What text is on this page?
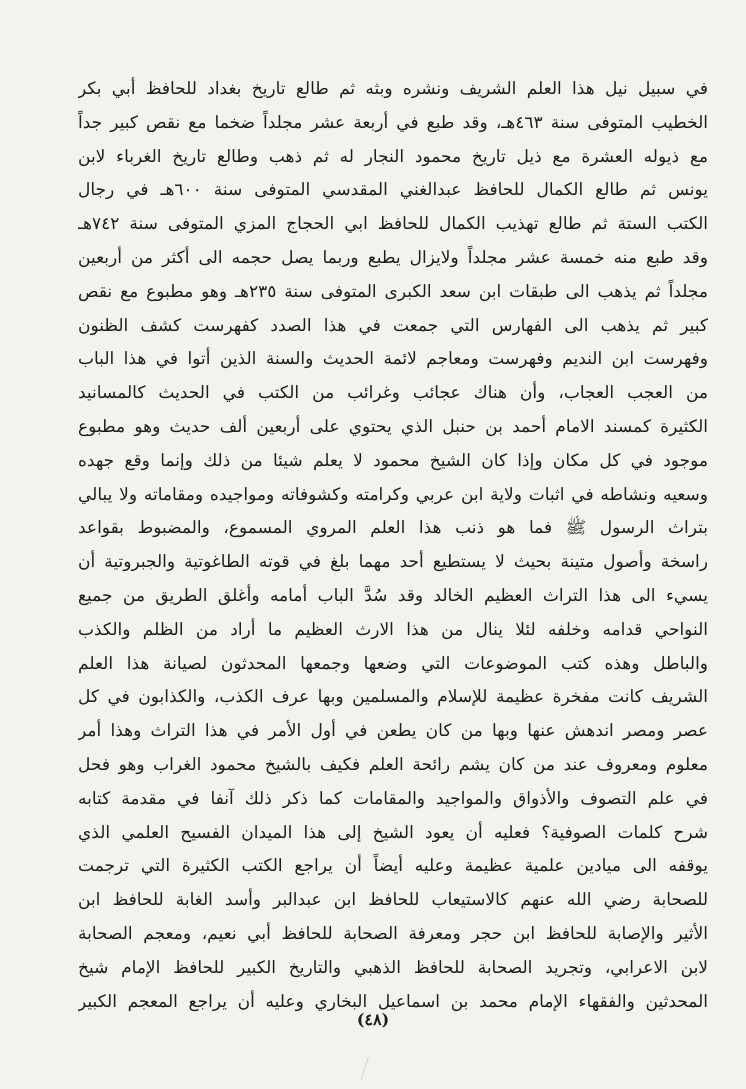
في سبيل نيل هذا العلم الشريف ونشره وبثه ثم طالع تاريخ بغداد للحافظ أبي بكر
الخطيب المتوفى سنة ٤٦٣هـ، وقد طبع في أربعة عشر مجلداً ضخما مع نقص كبير جداً
مع ذيوله العشرة مع ذيل تاريخ محمود النجار له ثم ذهب وطالع تاريخ الغرباء لابن
يونس ثم طالع الكمال للحافظ عبدالغني المقدسي المتوفى سنة ٦٠٠هـ في رجال
الكتب الستة ثم طالع تهذيب الكمال للحافظ ابي الحجاج المزي المتوفى سنة ٧٤٢هـ
وقد طبع منه خمسة عشر مجلداً ولايزال يطبع وربما يصل حجمه الى أكثر من أربعين
مجلداً ثم يذهب الى طبقات ابن سعد الكبرى المتوفى سنة ٢٣٥هـ وهو مطبوع مع نقص
كبير ثم يذهب الى الفهارس التي جمعت في هذا الصدد كفهرست كشف الظنون
وفهرست ابن النديم وفهرست ومعاجم لائمة الحديث والسنة الذين أتوا في هذا الباب
من العجب العجاب، وأن هناك عجائب وغرائب من الكتب في الحديث كالمسانيد
الكثيرة كمسند الامام أحمد بن حنبل الذي يحتوي على أربعين ألف حديث وهو مطبوع
موجود في كل مكان وإذا كان الشيخ محمود لا يعلم شيئا من ذلك وإنما وقع جهده
وسعيه ونشاطه في اثبات ولاية ابن عربي وكرامته وكشوفاته ومواجيده ومقاماته ولا يبالي
بتراث الرسول ﷺ فما هو ذنب هذا العلم المروي المسموع، والمضبوط بقواعد
راسخة وأصول متينة بحيث لا يستطيع أحد مهما بلغ في قوته الطاغوتية والجبروتية أن
يسيء الى هذا التراث العظيم الخالد وقد سُدَّ الباب أمامه وأغلق الطريق من جميع
النواحي قدامه وخلفه لئلا ينال من هذا الارث العظيم ما أراد من الظلم والكذب
والباطل وهذه كتب الموضوعات التي وضعها وجمعها المحدثون لصيانة هذا العلم
الشريف كانت مفخرة عظيمة للإسلام والمسلمين وبها عرف الكذب، والكذابون في كل
عصر ومصر اندهش عنها وبها من كان يطعن في أول الأمر في هذا التراث وهذا أمر
معلوم ومعروف عند من كان يشم رائحة العلم فكيف بالشيخ محمود الغراب وهو فحل
في علم التصوف والأذواق والمواجيد والمقامات كما ذكر ذلك آنفا في مقدمة كتابه
شرح كلمات الصوفية؟ فعليه أن يعود الشيخ إلى هذا الميدان الفسيح العلمي الذي
يوقفه الى ميادين علمية عظيمة وعليه أيضاً أن يراجع الكتب الكثيرة التي ترجمت
للصحابة رضي الله عنهم كالاستيعاب للحافظ ابن عبدالبر وأسد الغابة للحافظ ابن
الأثير والإصابة للحافظ ابن حجر ومعرفة الصحابة للحافظ أبي نعيم، ومعجم الصحابة
لابن الاعرابي، وتجريد الصحابة للحافظ الذهبي والتاريخ الكبير للحافظ الإمام شيخ
المحدثين والفقهاء الإمام محمد بن اسماعيل البخاري وعليه أن يراجع المعجم الكبير
(٤٨)
